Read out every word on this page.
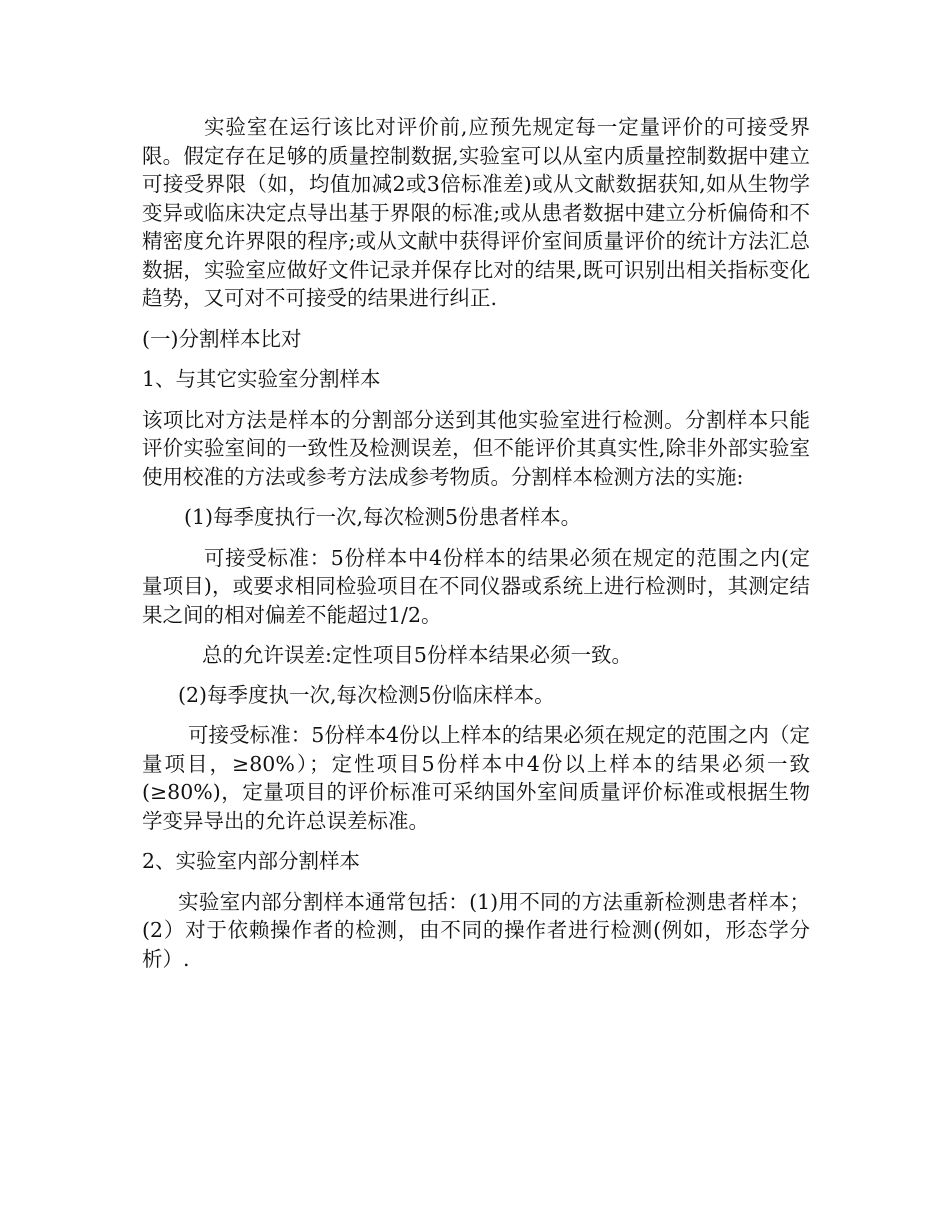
实验室在运行该比对评价前,应预先规定每一定量评价的可接受界限。假定存在足够的质量控制数据,实验室可以从室内质量控制数据中建立可接受界限（如，均值加减2或3倍标准差)或从文献数据获知,如从生物学变异或临床决定点导出基于界限的标准;或从患者数据中建立分析偏倚和不精密度允许界限的程序;或从文献中获得评价室间质量评价的统计方法汇总数据，实验室应做好文件记录并保存比对的结果,既可识别出相关指标变化趋势，又可对不可接受的结果进行纠正.

(一)分割样本比对

1、与其它实验室分割样本

该项比对方法是样本的分割部分送到其他实验室进行检测。分割样本只能评价实验室间的一致性及检测误差，但不能评价其真实性,除非外部实验室使用校准的方法或参考方法成参考物质。分割样本检测方法的实施:

(1)每季度执行一次,每次检测5份患者样本。

可接受标准：5份样本中4份样本的结果必须在规定的范围之内(定量项目)，或要求相同检验项目在不同仪器或系统上进行检测时，其测定结果之间的相对偏差不能超过1/2。

总的允许误差:定性项目5份样本结果必须一致。

(2)每季度执一次,每次检测5份临床样本。

可接受标准：5份样本4份以上样本的结果必须在规定的范围之内（定量项目，≥80%）；定性项目5份样本中4份以上样本的结果必须一致(≥80%)，定量项目的评价标准可采纳国外室间质量评价标准或根据生物学变异导出的允许总误差标准。

2、实验室内部分割样本

实验室内部分割样本通常包括：(1)用不同的方法重新检测患者样本；(2）对于依赖操作者的检测，由不同的操作者进行检测(例如，形态学分析）.
